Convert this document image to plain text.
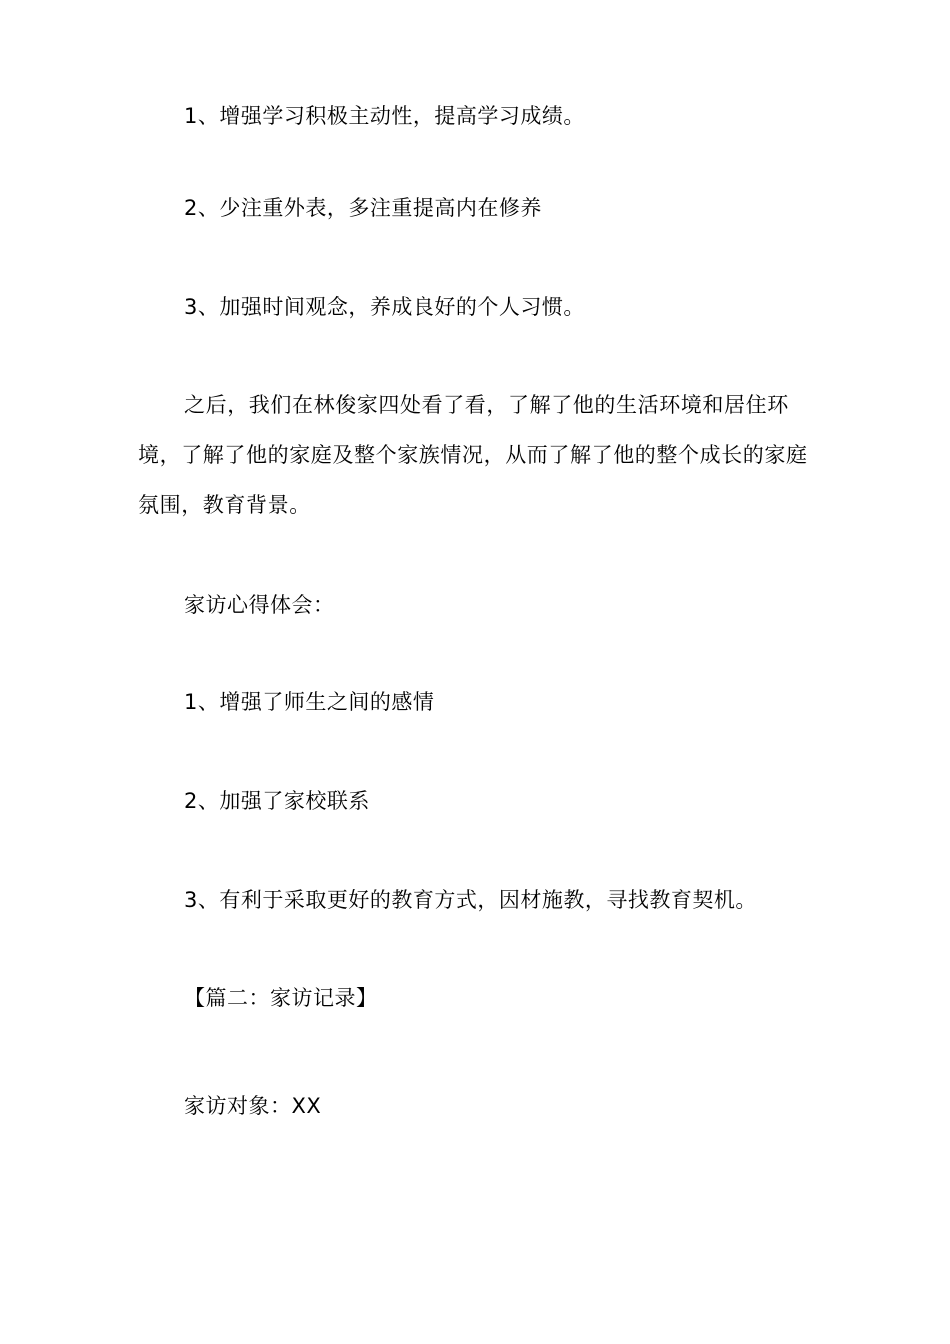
1、增强学习积极主动性，提高学习成绩。
2、少注重外表，多注重提高内在修养
3、加强时间观念，养成良好的个人习惯。
之后，我们在林俊家四处看了看，了解了他的生活环境和居住环境，了解了他的家庭及整个家族情况，从而了解了他的整个成长的家庭氛围，教育背景。
家访心得体会：
1、增强了师生之间的感情
2、加强了家校联系
3、有利于采取更好的教育方式，因材施教，寻找教育契机。
【篇二：家访记录】
家访对象：XX
